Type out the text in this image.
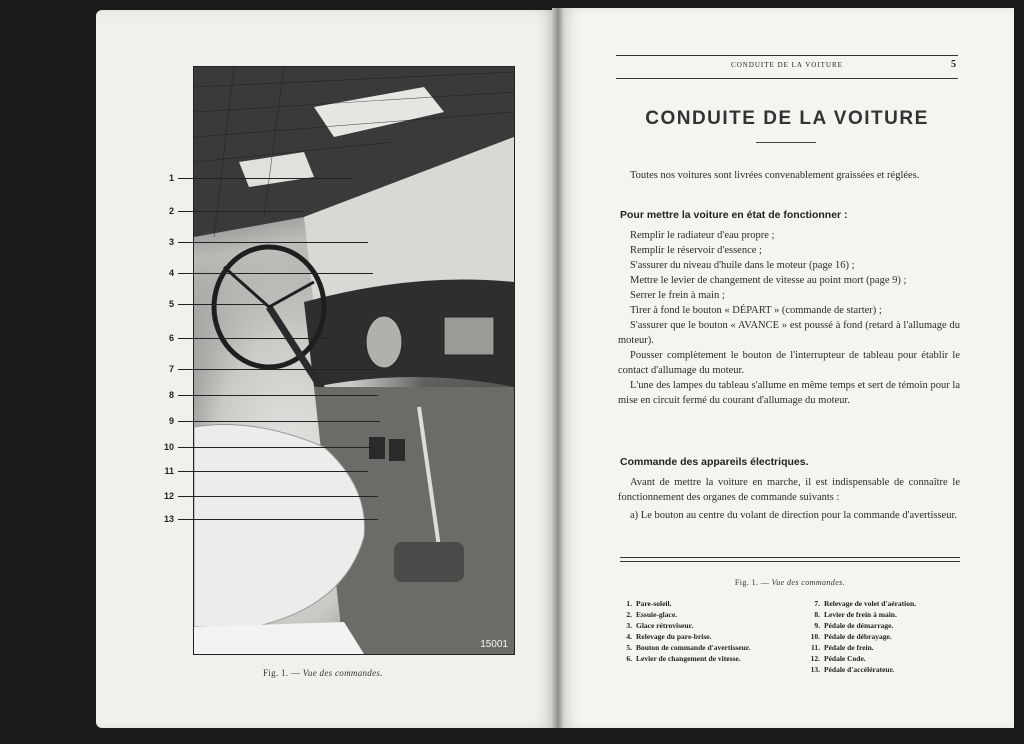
15001
1
2
3
4
5
6
7
8
9
10
11
12
13
Fig. 1. — Vue des commandes.
CONDUITE DE LA VOITURE	5
CONDUITE DE LA VOITURE

Toutes nos voitures sont livrées convenablement graissées et réglées.

Pour mettre la voiture en état de fonctionner :

Remplir le radiateur d'eau propre ;

Remplir le réservoir d'essence ;

S'assurer du niveau d'huile dans le moteur (page 16) ;

Mettre le levier de changement de vitesse au point mort (page 9) ;

Serrer le frein à main ;

Tirer à fond le bouton « DÉPART » (commande de starter) ;

S'assurer que le bouton « AVANCE » est poussé à fond (retard à l'allumage du moteur).

Pousser complètement le bouton de l'interrupteur de tableau pour établir le contact d'allumage du moteur.

L'une des lampes du tableau s'allume en même temps et sert de témoin pour la mise en circuit fermé du courant d'allumage du moteur.

Commande des appareils électriques.

Avant de mettre la voiture en marche, il est indispensable de connaître le fonctionnement des organes de commande suivants :

a) Le bouton au centre du volant de direction pour la commande d'avertisseur.

Fig. 1. — Vue des commandes.
1. Pare-soleil.
2. Essuie-glace.
3. Glace rétroviseur.
4. Relevage du pare-brise.
5. Bouton de commande d'avertisseur.
6. Levier de changement de vitesse.
7. Relevage de volet d'aération.
8. Levier de frein à main.
9. Pédale de démarrage.
10. Pédale de débrayage.
11. Pédale de frein.
12. Pédale Code.
13. Pédale d'accélérateur.
